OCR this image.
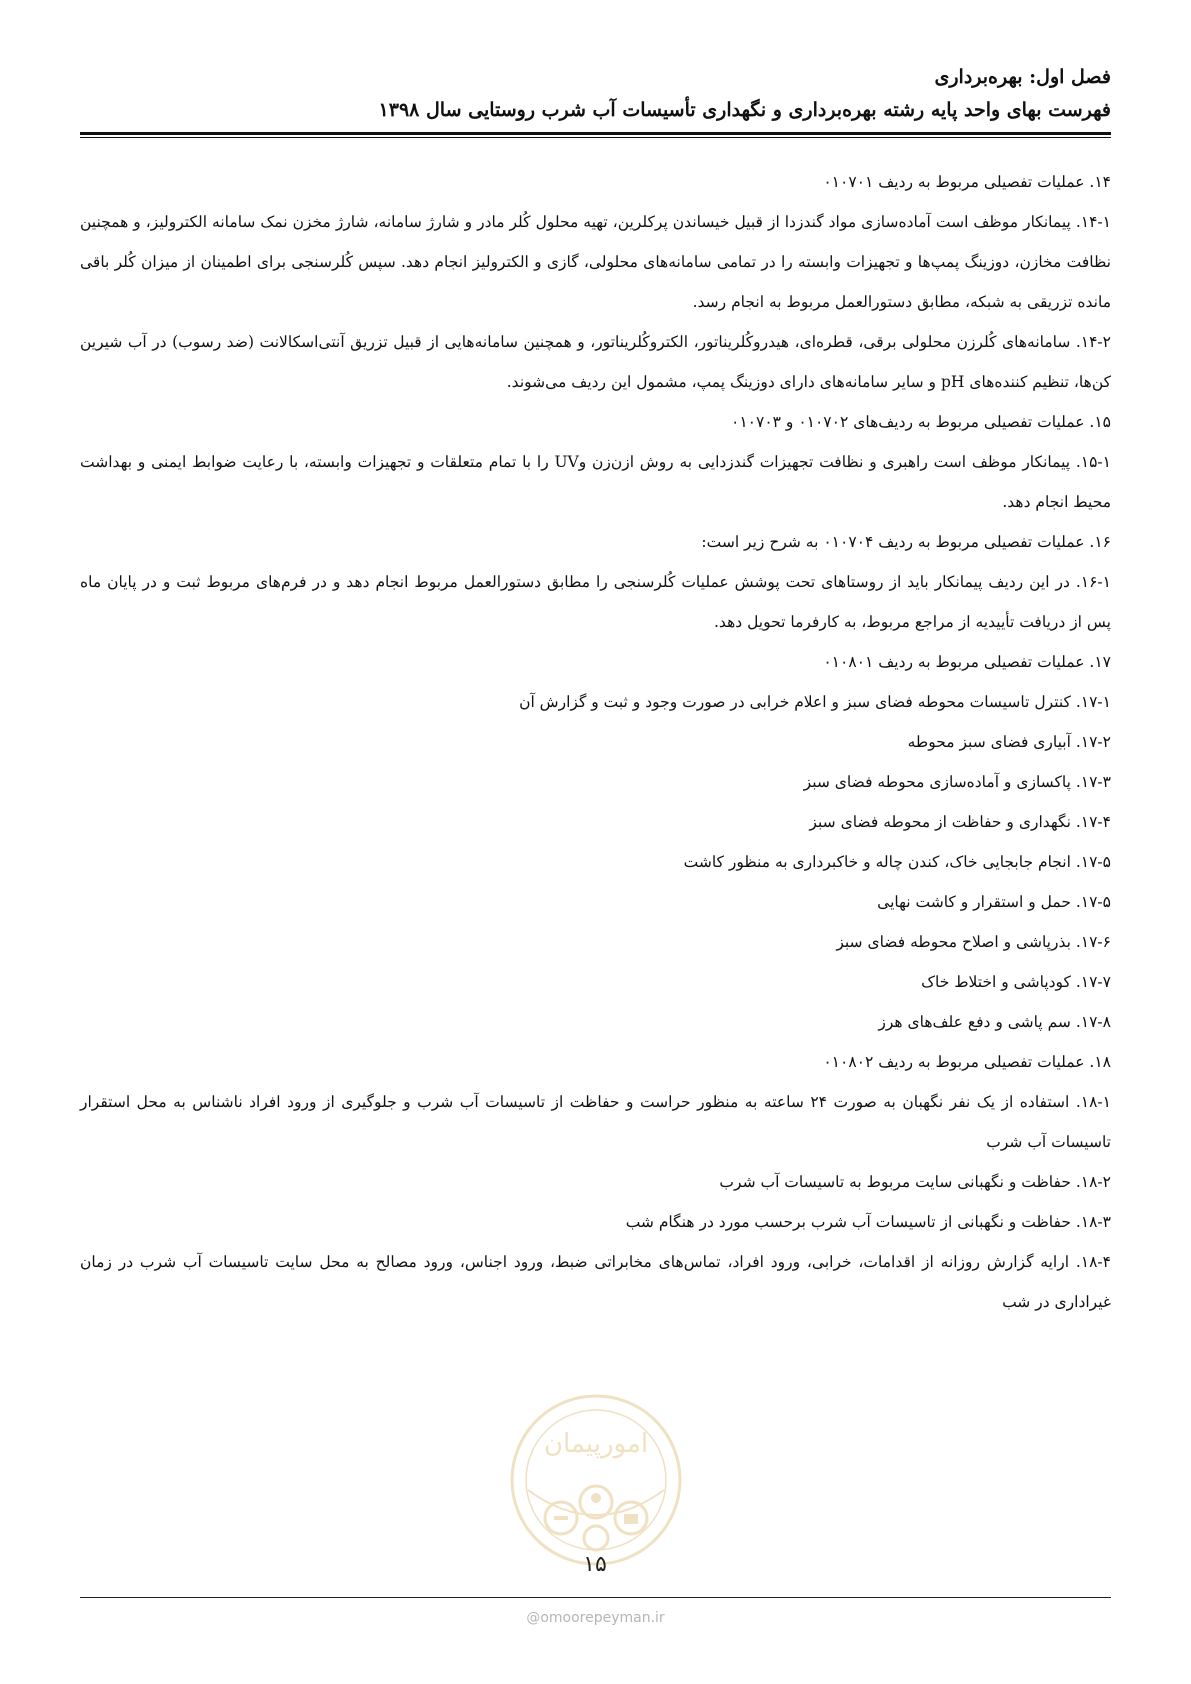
فصل اول: بهره‌برداری
فهرست بهای واحد پایه رشته بهره‌برداری و نگهداری تأسیسات آب شرب روستایی سال ۱۳۹۸

۱۴. عملیات تفصیلی مربوط به ردیف ۰۱۰۷۰۱

۱۴-۱. پیمانکار موظف است آماده‌سازی مواد گندزدا از قبیل خیساندن پرکلرین، تهیه محلول کُلر مادر و شارژ سامانه، شارژ مخزن نمک سامانه الکترولیز، و همچنین نظافت مخازن، دوزینگ پمپ‌ها و تجهیزات وابسته را در تمامی سامانه‌های محلولی، گازی و الکترولیز انجام دهد. سپس کُلرسنجی برای اطمینان از میزان کُلر باقی مانده تزریقی به شبکه، مطابق دستورالعمل مربوط به انجام رسد.

۱۴-۲. سامانه‌های کُلرزن محلولی برقی، قطره‌ای، هیدروکُلریناتور، الکتروکُلریناتور، و همچنین سامانه‌هایی از قبیل تزریق آنتی‌اسکالانت (ضد رسوب) در آب شیرین کن‌ها، تنظیم کننده‌های pH و سایر سامانه‌های دارای دوزینگ پمپ، مشمول این ردیف می‌شوند.

۱۵. عملیات تفصیلی مربوط به ردیف‌های ۰۱۰۷۰۲ و ۰۱۰۷۰۳

۱۵-۱. پیمانکار موظف است راهبری و نظافت تجهیزات گندزدایی به روش ازن‌زن وUV را با تمام متعلقات و تجهیزات وابسته، با رعایت ضوابط ایمنی و بهداشت محیط انجام دهد.

۱۶. عملیات تفصیلی مربوط به ردیف ۰۱۰۷۰۴ به شرح زیر است:

۱۶-۱. در این ردیف پیمانکار باید از روستاهای تحت پوشش عملیات کُلرسنجی را مطابق دستورالعمل مربوط انجام دهد و در فرم‌های مربوط ثبت و در پایان ماه پس از دریافت تأییدیه از مراجع مربوط، به کارفرما تحویل دهد.

۱۷. عملیات تفصیلی مربوط به ردیف ۰۱۰۸۰۱

۱۷-۱. کنترل تاسیسات محوطه فضای سبز و اعلام خرابی در صورت وجود و ثبت و گزارش آن

۱۷-۲. آبیاری فضای سبز محوطه

۱۷-۳. پاکسازی و آماده‌سازی محوطه فضای سبز

۱۷-۴. نگهداری و حفاظت از محوطه فضای سبز

۱۷-۵. انجام جابجایی خاک، کندن چاله و خاکبرداری به منظور کاشت

۱۷-۵. حمل و استقرار و کاشت نهایی

۱۷-۶. بذرپاشی و اصلاح محوطه فضای سبز

۱۷-۷. کودپاشی و اختلاط خاک

۱۷-۸. سم پاشی و دفع علف‌های هرز

۱۸. عملیات تفصیلی مربوط به ردیف ۰۱۰۸۰۲

۱۸-۱. استفاده از یک نفر نگهبان به صورت ۲۴ ساعته به منظور حراست و حفاظت از تاسیسات آب شرب و جلوگیری از ورود افراد ناشناس به محل استقرار تاسیسات آب شرب

۱۸-۲. حفاظت و نگهبانی سایت مربوط به تاسیسات آب شرب

۱۸-۳. حفاظت و نگهبانی از تاسیسات آب شرب برحسب مورد در هنگام شب

۱۸-۴. ارایه گزارش روزانه از اقدامات، خرابی، ورود افراد، تماس‌های مخابراتی ضبط، ورود اجناس، ورود مصالح به محل سایت تاسیسات آب شرب در زمان غیراداری در شب

امورپیمان
۱۵
@omoorepeyman.ir
